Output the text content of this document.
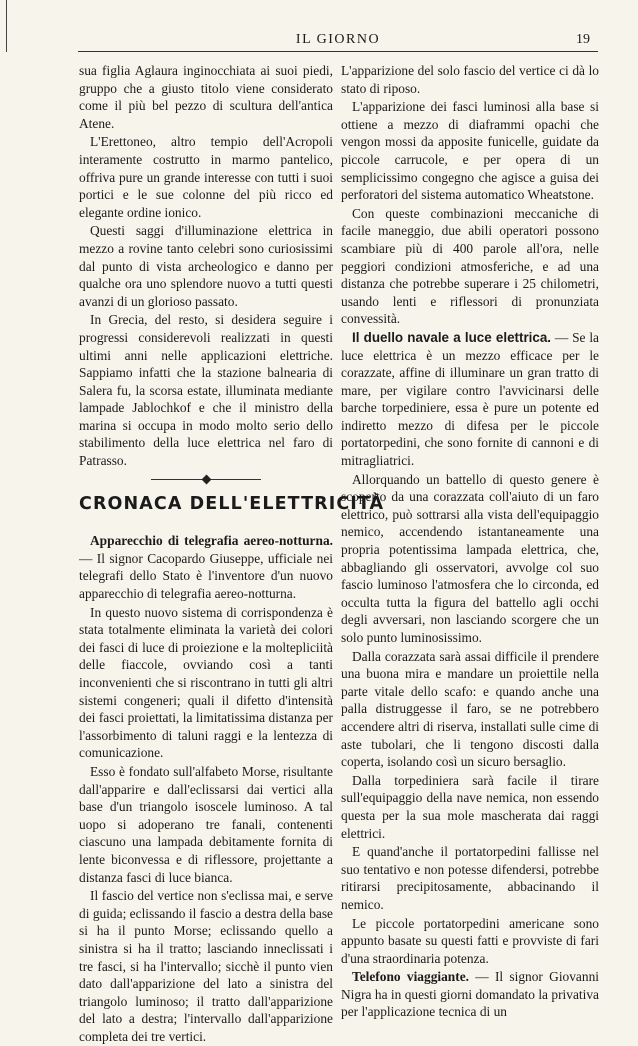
IL GIORNO	19

sua figlia Aglaura inginocchiata ai suoi piedi, gruppo che a giusto titolo viene considerato come il più bel pezzo di scultura dell'antica Atene.

L'Erettoneo, altro tempio dell'Acropoli interamente costrutto in marmo pantelico, offriva pure un grande interesse con tutti i suoi portici e le sue colonne del più ricco ed elegante ordine ionico.

Questi saggi d'illuminazione elettrica in mezzo a rovine tanto celebri sono curiosissimi dal punto di vista archeologico e danno per qualche ora uno splendore nuovo a tutti questi avanzi di un glorioso passato.

In Grecia, del resto, si desidera seguire i progressi considerevoli realizzati in questi ultimi anni nelle applicazioni elettriche. Sappiamo infatti che la stazione balnearia di Salera fu, la scorsa estate, illuminata mediante lampade Jablochkof e che il ministro della marina si occupa in modo molto serio dello stabilimento della luce elettrica nel faro di Patrasso.

CRONACA DELL'ELETTRICITÀ

Apparecchio di telegrafia aereo-notturna. — Il signor Cacopardo Giuseppe, ufficiale nei telegrafi dello Stato è l'inventore d'un nuovo apparecchio di telegrafia aereo-notturna.

In questo nuovo sistema di corrispondenza è stata totalmente eliminata la varietà dei colori dei fasci di luce di proiezione e la moltepliciità delle fiaccole, ovviando così a tanti inconvenienti che si riscontrano in tutti gli altri sistemi congeneri; quali il difetto d'intensità dei fasci proiettati, la limitatissima distanza per l'assorbimento di taluni raggi e la lentezza di comunicazione.

Esso è fondato sull'alfabeto Morse, risultante dall'apparire e dall'eclissarsi dai vertici alla base d'un triangolo isoscele luminoso. A tal uopo si adoperano tre fanali, contenenti ciascuno una lampada debitamente fornita di lente biconvessa e di riflessore, projettante a distanza fasci di luce bianca.

Il fascio del vertice non s'eclissa mai, e serve di guida; eclissando il fascio a destra della base si ha il punto Morse; eclissando quello a sinistra si ha il tratto; lasciando inneclissati i tre fasci, si ha l'intervallo; sicchè il punto vien dato dall'apparizione del lato a sinistra del triangolo luminoso; il tratto dall'apparizione del lato a destra; l'intervallo dall'apparizione completa dei tre vertici.

L'apparizione del solo fascio del vertice ci dà lo stato di riposo.

L'apparizione dei fasci luminosi alla base si ottiene a mezzo di diaframmi opachi che vengon mossi da apposite funicelle, guidate da piccole carrucole, e per opera di un semplicissimo congegno che agisce a guisa dei perforatori del sistema automatico Wheatstone.

Con queste combinazioni meccaniche di facile maneggio, due abili operatori possono scambiare più di 400 parole all'ora, nelle peggiori condizioni atmosferiche, e ad una distanza che potrebbe superare i 25 chilometri, usando lenti e riflessori di pronunziata convessità.

Il duello navale a luce elettrica. — Se la luce elettrica è un mezzo efficace per le corazzate, affine di illuminare un gran tratto di mare, per vigilare contro l'avvicinarsi delle barche torpediniere, essa è pure un potente ed indiretto mezzo di difesa per le piccole portatorpedini, che sono fornite di cannoni e di mitragliatrici.

Allorquando un battello di questo genere è scoperto da una corazzata coll'aiuto di un faro elettrico, può sottrarsi alla vista dell'equipaggio nemico, accendendo istantaneamente una propria potentissima lampada elettrica, che, abbagliando gli osservatori, avvolge col suo fascio luminoso l'atmosfera che lo circonda, ed occulta tutta la figura del battello agli occhi degli avversari, non lasciando scorgere che un solo punto luminosissimo.

Dalla corazzata sarà assai difficile il prendere una buona mira e mandare un proiettile nella parte vitale dello scafo: e quando anche una palla distruggesse il faro, se ne potrebbero accendere altri di riserva, installati sulle cime di aste tubolari, che li tengono discosti dalla coperta, isolando così un sicuro bersaglio.

Dalla torpediniera sarà facile il tirare sull'equipaggio della nave nemica, non essendo questa per la sua mole mascherata dai raggi elettrici.

E quand'anche il portatorpedini fallisse nel suo tentativo e non potesse difendersi, potrebbe ritirarsi precipitosamente, abbacinando il nemico.

Le piccole portatorpedini americane sono appunto basate su questi fatti e provviste di fari d'una straordinaria potenza.

Telefono viaggiante. — Il signor Giovanni Nigra ha in questi giorni domandato la privativa per l'applicazione tecnica di un
